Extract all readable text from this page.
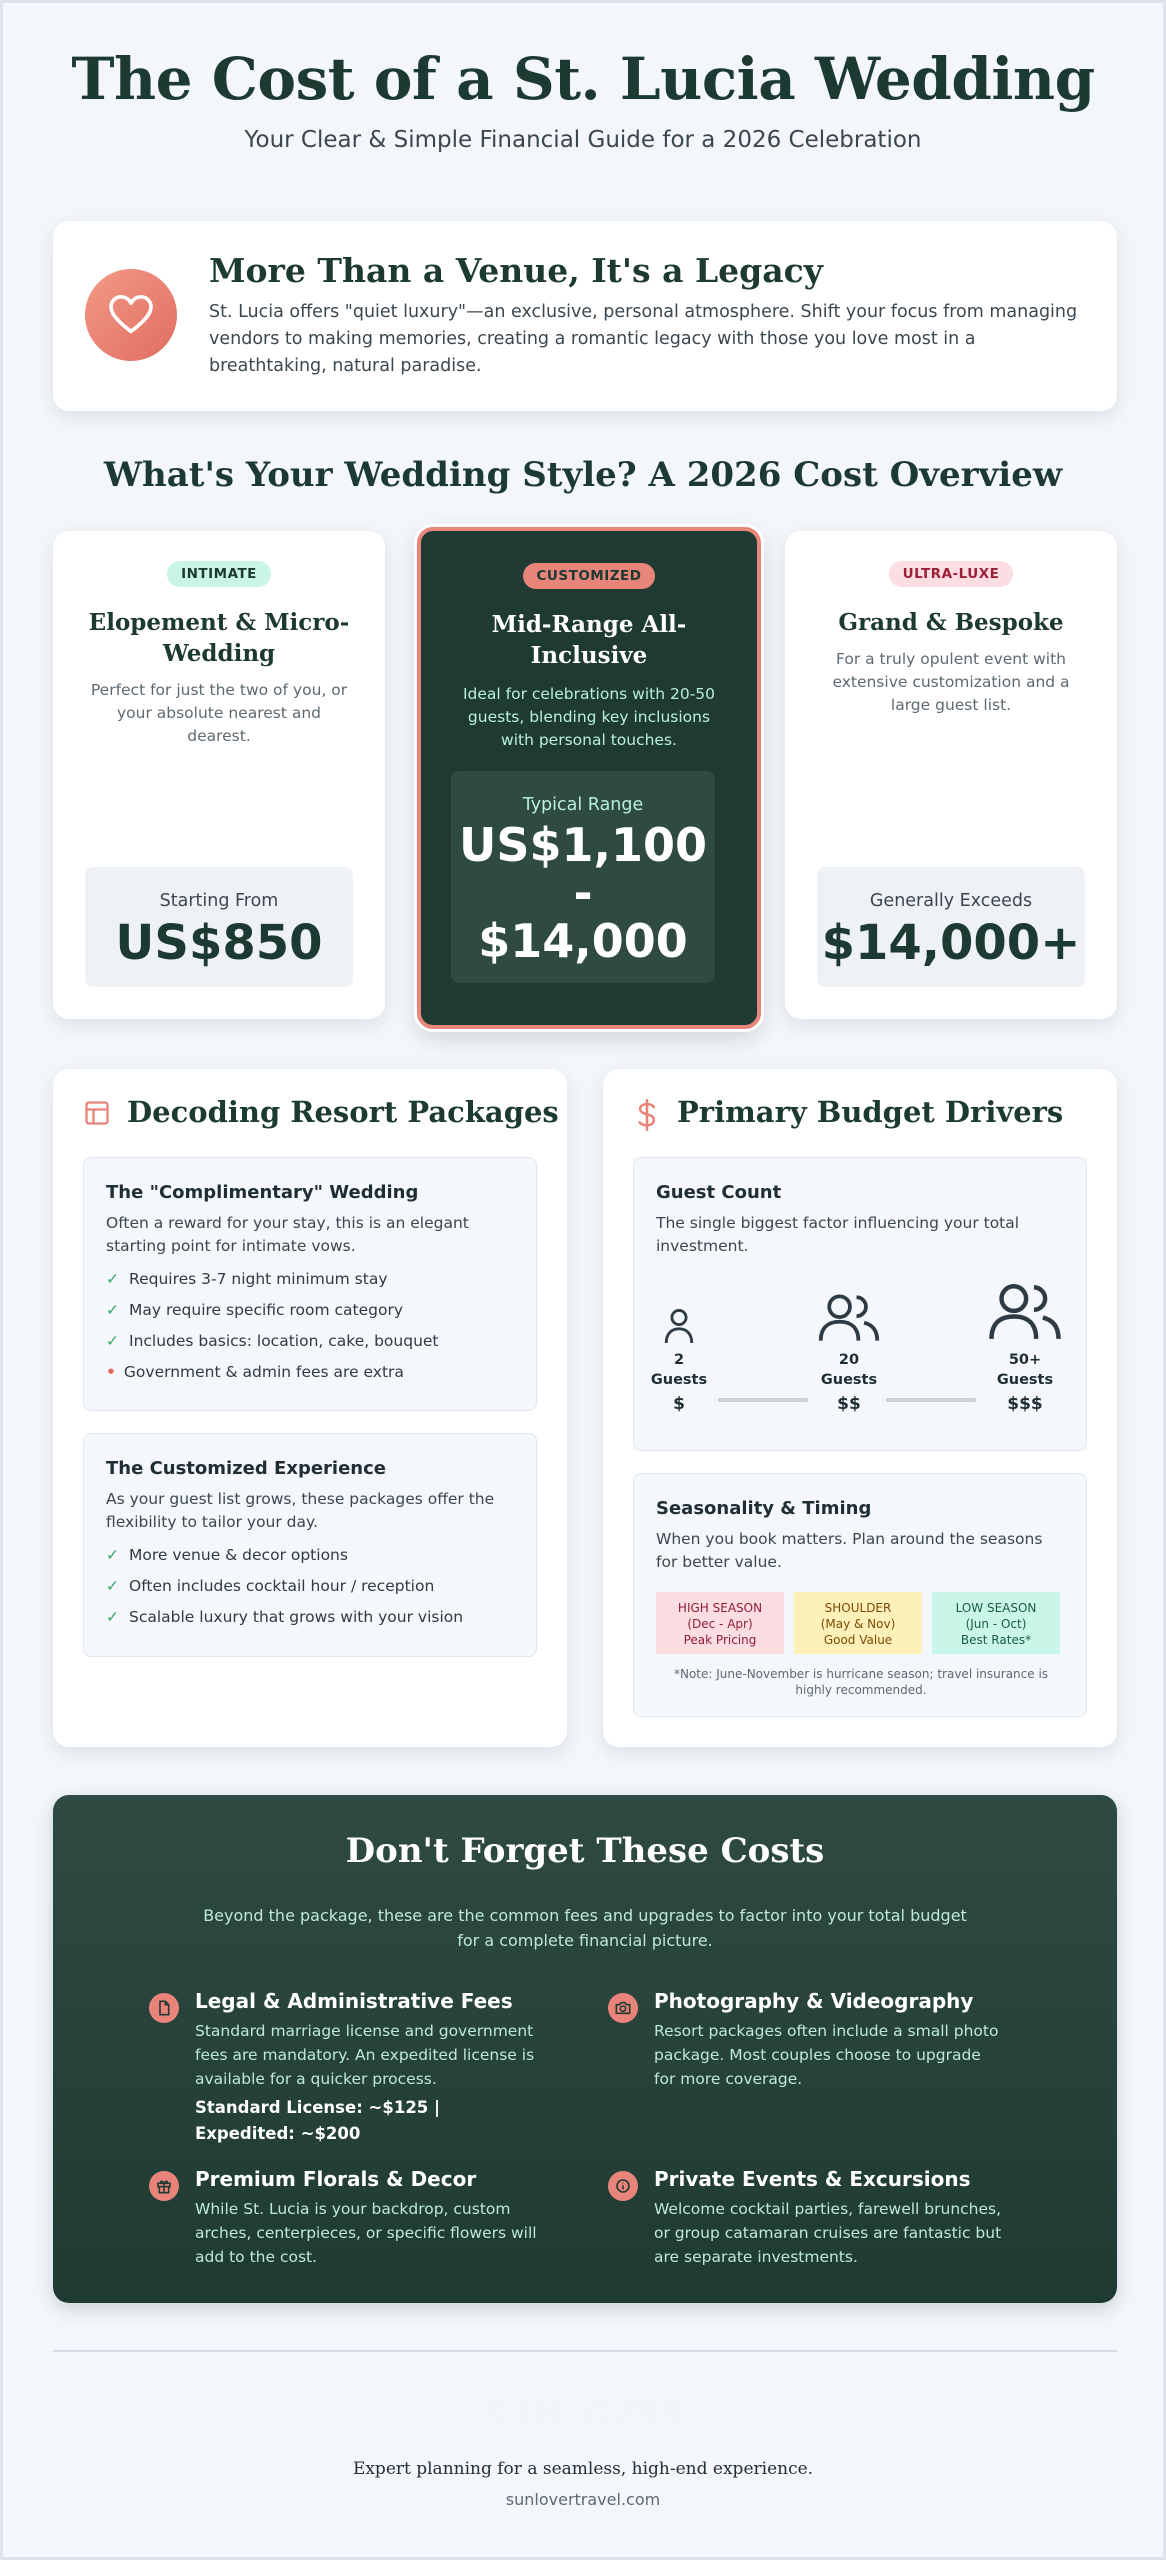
The Cost of a St. Lucia Wedding
Your Clear & Simple Financial Guide for a 2026 Celebration
More Than a Venue, It's a Legacy
St. Lucia offers "quiet luxury"—an exclusive, personal atmosphere. Shift your focus from managing vendors to making memories, creating a romantic legacy with those you love most in a breathtaking, natural paradise.
What's Your Wedding Style? A 2026 Cost Overview
INTIMATE
Elopement & Micro-Wedding
Perfect for just the two of you, or your absolute nearest and dearest.
Starting From
US$850
CUSTOMIZED
Mid-Range All-Inclusive
Ideal for celebrations with 20-50 guests, blending key inclusions with personal touches.
Typical Range
US$1,100
-
$14,000
ULTRA-LUXE
Grand & Bespoke
For a truly opulent event with extensive customization and a large guest list.
Generally Exceeds
$14,000+
Decoding Resort Packages
The "Complimentary" Wedding
Often a reward for your stay, this is an elegant starting point for intimate vows.
✓ Requires 3-7 night minimum stay
✓ May require specific room category
✓ Includes basics: location, cake, bouquet
• Government & admin fees are extra
The Customized Experience
As your guest list grows, these packages offer the flexibility to tailor your day.
✓ More venue & decor options
✓ Often includes cocktail hour / reception
✓ Scalable luxury that grows with your vision
Primary Budget Drivers
Guest Count
The single biggest factor influencing your total investment.
2
Guests
$
20
Guests
$$
50+
Guests
$$$
Seasonality & Timing
When you book matters. Plan around the seasons for better value.
HIGH SEASON
(Dec - Apr)
Peak Pricing
SHOULDER
(May & Nov)
Good Value
LOW SEASON
(Jun - Oct)
Best Rates*
*Note: June-November is hurricane season; travel insurance is highly recommended.
Don't Forget These Costs
Beyond the package, these are the common fees and upgrades to factor into your total budget for a complete financial picture.
Legal & Administrative Fees
Standard marriage license and government fees are mandatory. An expedited license is available for a quicker process.
Standard License: ~$125 | Expedited: ~$200
Photography & Videography
Resort packages often include a small photo package. Most couples choose to upgrade for more coverage.
Premium Florals & Decor
While St. Lucia is your backdrop, custom arches, centerpieces, or specific flowers will add to the cost.
Private Events & Excursions
Welcome cocktail parties, farewell brunches, or group catamaran cruises are fantastic but are separate investments.
SUNLOVER
Expert planning for a seamless, high-end experience.
sunlovertravel.com
